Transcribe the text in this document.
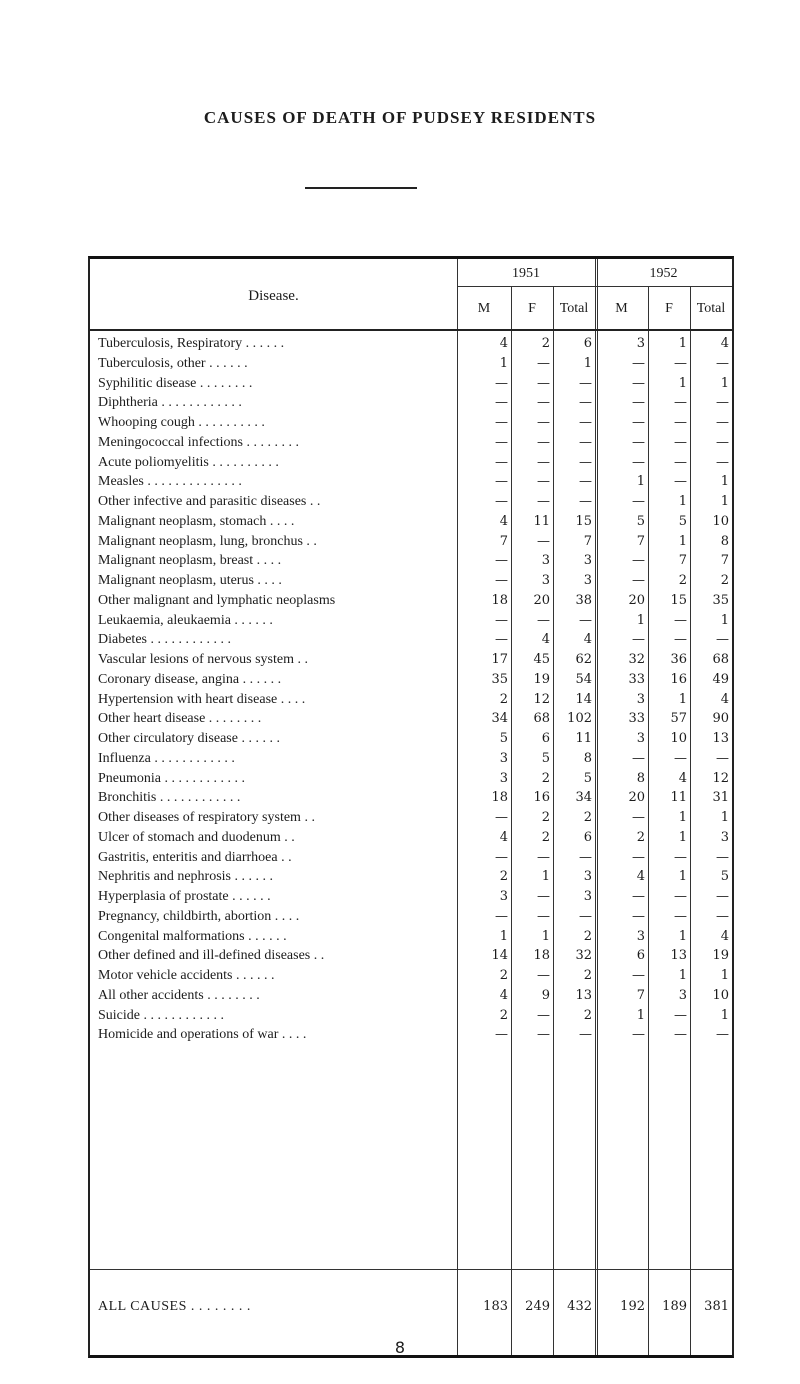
CAUSES OF DEATH OF PUDSEY RESIDENTS
Disease.
1951	1952
M	F	Total	M	F	Total
Tuberculosis, Respiratory . . . . . .	4	2	6	3	1	4
Tuberculosis, other . . . . . .	1	—	1	—	—	—
Syphilitic disease . . . . . . . .	—	—	—	—	1	1
Diphtheria . . . . . . . . . . . .	—	—	—	—	—	—
Whooping cough . . . . . . . . . .	—	—	—	—	—	—
Meningococcal infections . . . . . . . .	—	—	—	—	—	—
Acute poliomyelitis . . . . . . . . . .	—	—	—	—	—	—
Measles . . . . . . . . . . . . . .	—	—	—	1	—	1
Other infective and parasitic diseases . .	—	—	—	—	1	1
Malignant neoplasm, stomach . . . .	4	11	15	5	5	10
Malignant neoplasm, lung, bronchus . .	7	—	7	7	1	8
Malignant neoplasm, breast . . . .	—	3	3	—	7	7
Malignant neoplasm, uterus . . . .	—	3	3	—	2	2
Other malignant and lymphatic neoplasms	18	20	38	20	15	35
Leukaemia, aleukaemia . . . . . .	—	—	—	1	—	1
Diabetes . . . . . . . . . . . .	—	4	4	—	—	—
Vascular lesions of nervous system . .	17	45	62	32	36	68
Coronary disease, angina . . . . . .	35	19	54	33	16	49
Hypertension with heart disease . . . .	2	12	14	3	1	4
Other heart disease . . . . . . . .	34	68	102	33	57	90
Other circulatory disease . . . . . .	5	6	11	3	10	13
Influenza . . . . . . . . . . . .	3	5	8	—	—	—
Pneumonia . . . . . . . . . . . .	3	2	5	8	4	12
Bronchitis . . . . . . . . . . . .	18	16	34	20	11	31
Other diseases of respiratory system . .	—	2	2	—	1	1
Ulcer of stomach and duodenum . .	4	2	6	2	1	3
Gastritis, enteritis and diarrhoea . .	—	—	—	—	—	—
Nephritis and nephrosis . . . . . .	2	1	3	4	1	5
Hyperplasia of prostate . . . . . .	3	—	3	—	—	—
Pregnancy, childbirth, abortion . . . .	—	—	—	—	—	—
Congenital malformations . . . . . .	1	1	2	3	1	4
Other defined and ill-defined diseases . .	14	18	32	6	13	19
Motor vehicle accidents . . . . . .	2	—	2	—	1	1
All other accidents . . . . . . . .	4	9	13	7	3	10
Suicide . . . . . . . . . . . .	2	—	2	1	—	1
Homicide and operations of war . . . .	—	—	—	—	—	—
ALL CAUSES . . . . . . . .	183	249	432	192	189	381
8
